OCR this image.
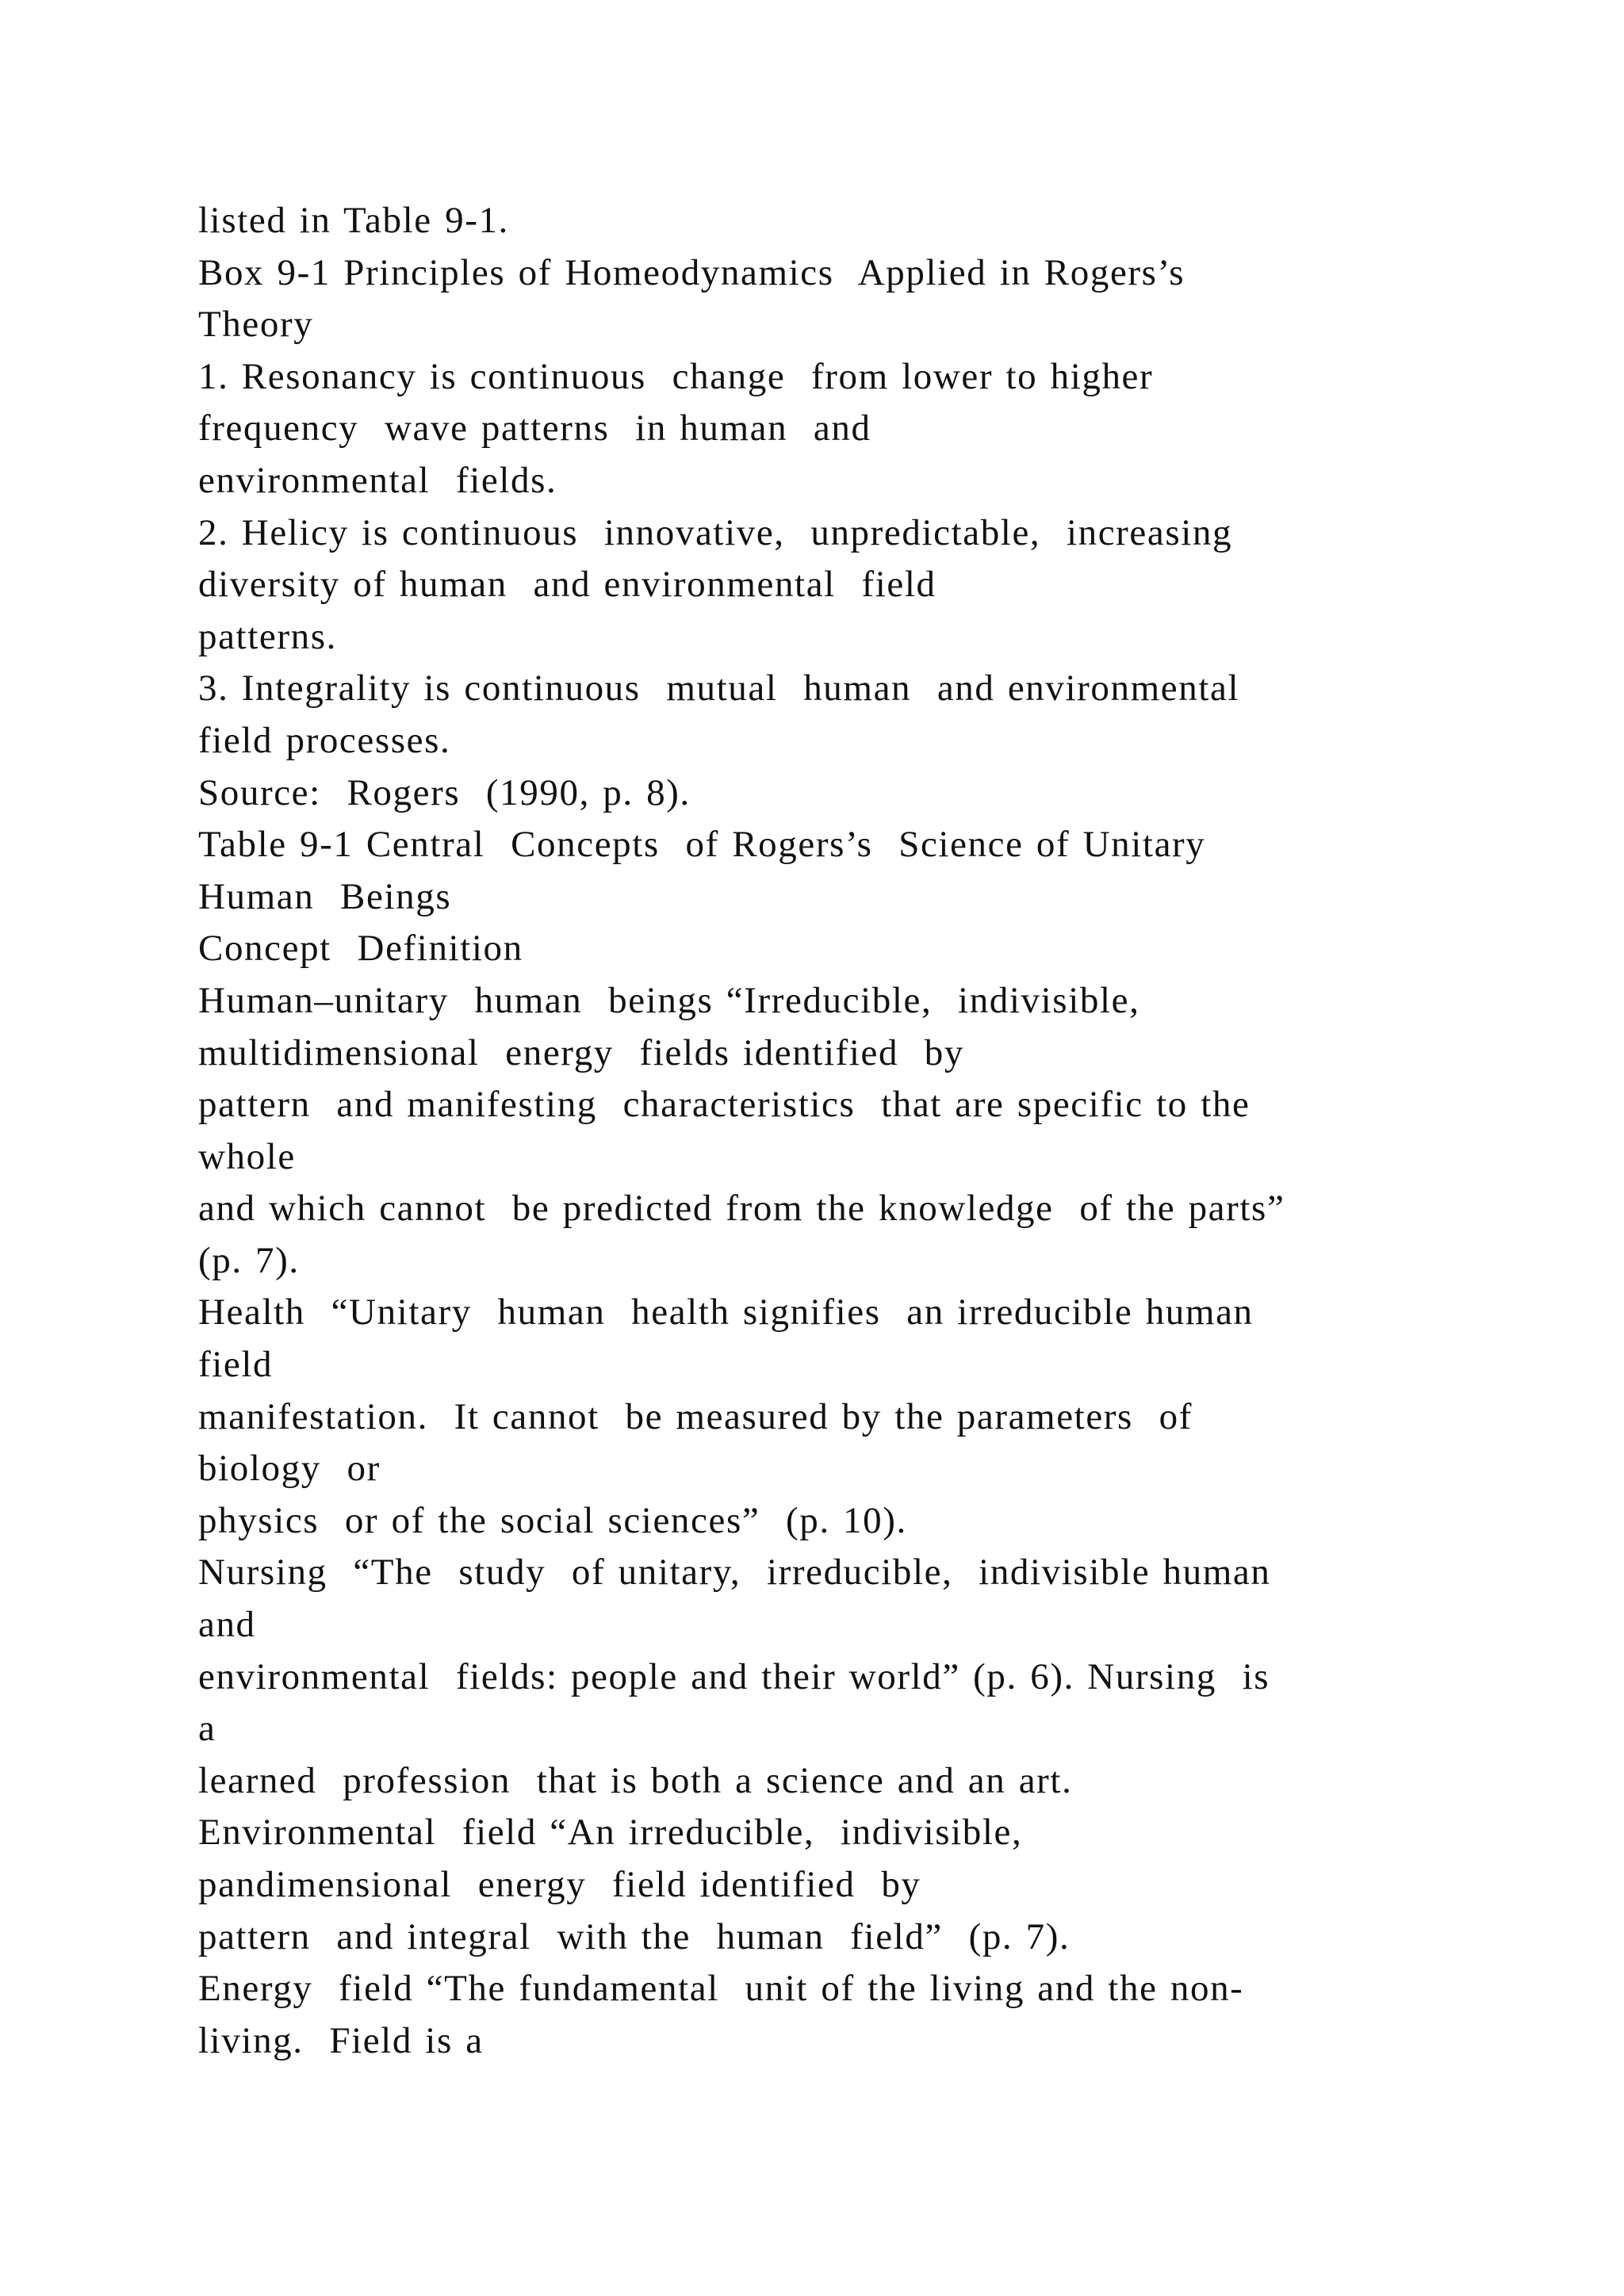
listed in Table 9-1.
Box 9-1 Principles of Homeodynamics  Applied in Rogers’s
Theory
1. Resonancy is continuous  change  from lower to higher
frequency  wave patterns  in human  and
environmental  fields.
2. Helicy is continuous  innovative,  unpredictable,  increasing
diversity of human  and environmental  field
patterns.
3. Integrality is continuous  mutual  human  and environmental
field processes.
Source:  Rogers  (1990, p. 8).
Table 9-1 Central  Concepts  of Rogers’s  Science of Unitary
Human  Beings
Concept  Definition
Human–unitary  human  beings “Irreducible,  indivisible,
multidimensional  energy  fields identified  by
pattern  and manifesting  characteristics  that are specific to the
whole
and which cannot  be predicted from the knowledge  of the parts”
(p. 7).
Health  “Unitary  human  health signifies  an irreducible human
field
manifestation.  It cannot  be measured by the parameters  of
biology  or
physics  or of the social sciences”  (p. 10).
Nursing  “The  study  of unitary,  irreducible,  indivisible human
and
environmental  fields: people and their world” (p. 6). Nursing  is
a
learned  profession  that is both a science and an art.
Environmental  field “An irreducible,  indivisible,
pandimensional  energy  field identified  by
pattern  and integral  with the  human  field”  (p. 7).
Energy  field “The fundamental  unit of the living and the non-
living.  Field is a
